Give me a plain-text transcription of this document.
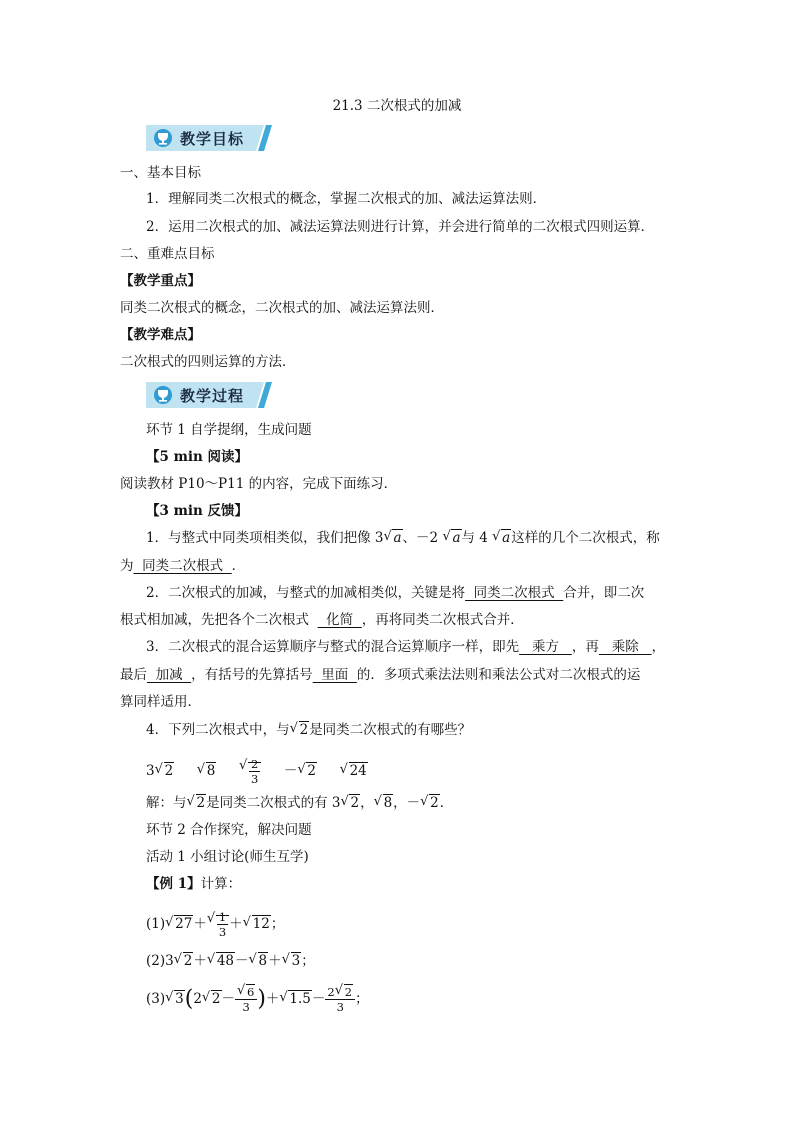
21.3 二次根式的加减
教学目标
一、基本目标
1．理解同类二次根式的概念，掌握二次根式的加、减法运算法则．
2．运用二次根式的加、减法运算法则进行计算，并会进行简单的二次根式四则运算．
二、重难点目标
【教学重点】
同类二次根式的概念，二次根式的加、减法运算法则．
【教学难点】
二次根式的四则运算的方法．
教学过程
环节 1 自学提纲，生成问题
【5 min 阅读】
阅读教材 P10～P11 的内容，完成下面练习．
【3 min 反馈】
1．与整式中同类项相类似，我们把像 3 √ a、－2 √ a与 4 √ a这样的几个二次根式，称
为  同类二次根式  ．
2．二次根式的加减，与整式的加减相类似，关键是将  同类二次根式  合并，即二次
根式相加减，先把各个二次根式    化简  ，再将同类二次根式合并．
3．二次根式的混合运算顺序与整式的混合运算顺序一样，即先   乘方   ，再   乘除   ，
最后  加减  ，有括号的先算括号  里面  的．多项式乘法法则和乘法公式对二次根式的运
算同样适用．
4．下列二次根式中，与 √ 2是同类二次根式的有哪些？
3 √ 2 √ 8	√ $\frac{2}{3}$ － √ 2 √ 24
解：与 √ 2是同类二次根式的有 3 √ 2， √ 8，－ √ 2．
环节 2 合作探究，解决问题
活动 1 小组讨论(师生互学)
【例 1】计算：
(1) √ 27＋ √ $\frac{1}{3}$ ＋ √ 12；
(2)3 √ 2＋ √ 48－ √ 8＋ √ 3；
(3) √ 3(2 √ 2－ √ $\frac{6}{3}$ )＋ √ $1.5- \frac{2 √ 2}{3}$ ；
